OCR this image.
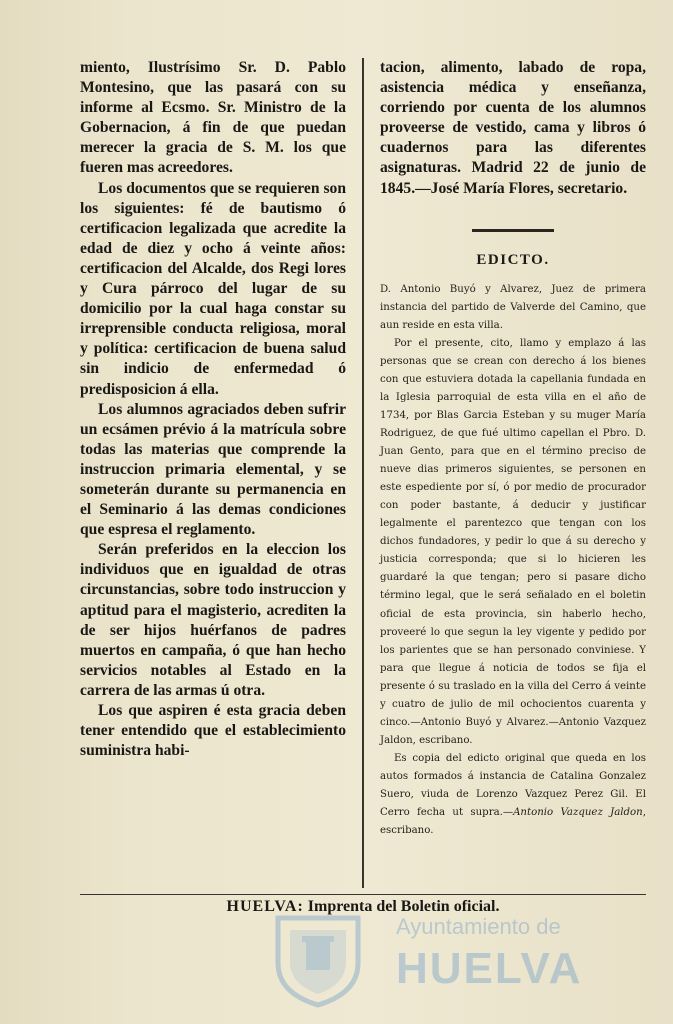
miento, Ilustrísimo Sr. D. Pablo Montesino, que las pasará con su informe al Ecsmo. Sr. Ministro de la Gobernacion, á fin de que puedan merecer la gracia de S. M. los que fueren mas acreedores.

Los documentos que se requieren son los siguientes: fé de bautismo ó certificacion legalizada que acredite la edad de diez y ocho á veinte años: certificacion del Alcalde, dos Regi lores y Cura párroco del lugar de su domicilio por la cual haga constar su irreprensible conducta religiosa, moral y política: certificacion de buena salud sin indicio de enfermedad ó predisposicion á ella.

Los alumnos agraciados deben sufrir un ecsámen prévio á la matrícula sobre todas las materias que comprende la instruccion primaria elemental, y se someterán durante su permanencia en el Seminario á las demas condiciones que espresa el reglamento.

Serán preferidos en la eleccion los individuos que en igualdad de otras circunstancias, sobre todo instruccion y aptitud para el magisterio, acrediten la de ser hijos huérfanos de padres muertos en campaña, ó que han hecho servicios notables al Estado en la carrera de las armas ú otra.

Los que aspiren é esta gracia deben tener entendido que el establecimiento suministra habi-

tacion, alimento, labado de ropa, asistencia médica y enseñanza, corriendo por cuenta de los alumnos proveerse de vestido, cama y libros ó cuadernos para las diferentes asignaturas. Madrid 22 de junio de 1845.—José María Flores, secretario.

EDICTO.

D. Antonio Buyó y Alvarez, Juez de primera instancia del partido de Valverde del Camino, que aun reside en esta villa.

Por el presente, cito, llamo y emplazo á las personas que se crean con derecho á los bienes con que estuviera dotada la capellania fundada en la Iglesia parroquial de esta villa en el año de 1734, por Blas Garcia Esteban y su muger María Rodriguez, de que fué ultimo capellan el Pbro. D. Juan Gento, para que en el término preciso de nueve dias primeros siguientes, se personen en este espediente por sí, ó por medio de procurador con poder bastante, á deducir y justificar legalmente el parentezco que tengan con los dichos fundadores, y pedir lo que á su derecho y justicia corresponda; que si lo hicieren les guardaré la que tengan; pero si pasare dicho término legal, que le será señalado en el boletin oficial de esta provincia, sin haberlo hecho, proveeré lo que segun la ley vigente y pedido por los parientes que se han personado conviniese. Y para que llegue á noticia de todos se fija el presente ó su traslado en la villa del Cerro á veinte y cuatro de julio de mil ochocientos cuarenta y cinco.—Antonio Buyó y Alvarez.—Antonio Vazquez Jaldon, escribano.

Es copia del edicto original que queda en los autos formados á instancia de Catalina Gonzalez Suero, viuda de Lorenzo Vazquez Perez Gil. El Cerro fecha ut supra.—Antonio Vazquez Jaldon, escribano.

HUELVA: Imprenta del Boletin oficial.
Ayuntamiento de
HUELVA
